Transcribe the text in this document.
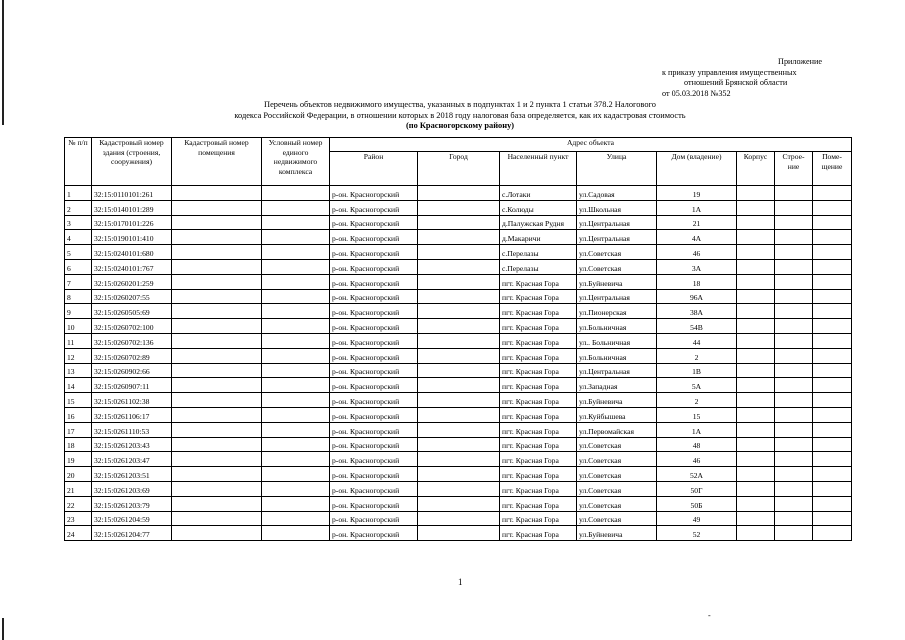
Приложение
к приказу управления имущественных
отношений Брянской области
от 05.03.2018 №352
Перечень объектов недвижимого имущества, указанных в подпунктах 1 и 2 пункта 1 статьи 378.2 Налогового
кодекса Российской Федерации, в отношении которых в 2018 году налоговая база определяется, как их кадастровая стоимость
(по Красногорскому району)
№ п/п	Кадастровый номер здания (строения, сооружения)	Кадастровый номер помещения	Условный номер единого недвижимого комплекса	Адрес объекта							
				Район	Город	Населенный пункт	Улица	Дом (владение)	Корпус	Строе-ние	Поме-щение
1	32:15:0110101:261			р-он. Красногорский		с.Лотаки	ул.Садовая	19			
2	32:15:0140101:289			р-он. Красногорский		с.Колюды	ул.Школьная	1А			
3	32:15:0170101:226			р-он. Красногорский		д.Палужская Рудня	ул.Центральная	21			
4	32:15:0190101:410			р-он. Красногорский		д.Макаричи	ул.Центральная	4А			
5	32:15:0240101:680			р-он. Красногорский		с.Перелазы	ул.Советская	46			
6	32:15:0240101:767			р-он. Красногорский		с.Перелазы	ул.Советская	3А			
7	32:15:0260201:259			р-он. Красногорский		пгт. Красная Гора	ул.Буйневича	18			
8	32:15:0260207:55			р-он. Красногорский		пгт. Красная Гора	ул.Центральная	96А			
9	32:15:0260505:69			р-он. Красногорский		пгт. Красная Гора	ул.Пионерская	38А			
10	32:15:0260702:100			р-он. Красногорский		пгт. Красная Гора	ул.Больничная	54В			
11	32:15:0260702:136			р-он. Красногорский		пгт. Красная Гора	ул.. Больничная	44			
12	32:15:0260702:89			р-он. Красногорский		пгт. Красная Гора	ул.Больничная	2			
13	32:15:0260902:66			р-он. Красногорский		пгт. Красная Гора	ул.Центральная	1В			
14	32:15:0260907:11			р-он. Красногорский		пгт. Красная Гора	ул.Западная	5А			
15	32:15:0261102:38			р-он. Красногорский		пгт. Красная Гора	ул.Буйневича	2			
16	32:15:0261106:17			р-он. Красногорский		пгт. Красная Гора	ул.Куйбышева	15			
17	32:15:0261110:53			р-он. Красногорский		пгт. Красная Гора	ул.Первомайская	1А			
18	32:15:0261203:43			р-он. Красногорский		пгт. Красная Гора	ул.Советская	48			
19	32:15:0261203:47			р-он. Красногорский		пгт. Красная Гора	ул.Советская	46			
20	32:15:0261203:51			р-он. Красногорский		пгт. Красная Гора	ул.Советская	52А			
21	32:15:0261203:69			р-он. Красногорский		пгт. Красная Гора	ул.Советская	50Г			
22	32:15:0261203:79			р-он. Красногорский		пгт. Красная Гора	ул.Советская	50Б			
23	32:15:0261204:59			р-он. Красногорский		пгт. Красная Гора	ул.Советская	49			
24	32:15:0261204:77			р-он. Красногорский		пгт. Красная Гора	ул.Буйневича	52			
1
-
